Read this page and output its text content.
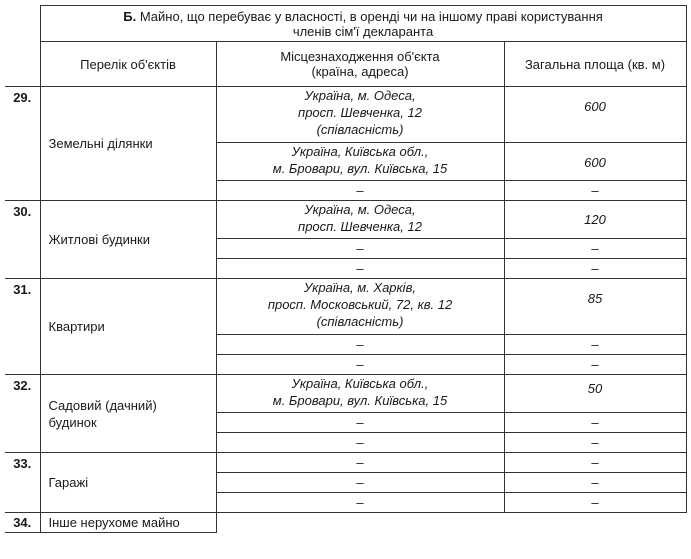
	Б. Майно, що перебуває у власності, в оренді чи на іншому праві користування
членів сім'ї декларанта		
	Перелік об'єктів	Місцезнаходження об'єкта
(країна, адреса)	Загальна площа (кв. м)
29.	Земельні ділянки	Україна, м. Одеса,
просп. Шевченка, 12
(співласність)	600
		Україна, Київська обл.,
м. Бровари, вул. Київська, 15	600
		–	–
30.	Житлові будинки	Україна, м. Одеса,
просп. Шевченка, 12	120
		–	–
		–	–
31.	Квартири	Україна, м. Харків,
просп. Московський, 72, кв. 12
(співласність)	85
		–	–
		–	–
32.	Садовий (дачний)
будинок	Україна, Київська обл.,
м. Бровари, вул. Київська, 15	50
		–	–
		–	–
33.	Гаражі	–	–
		–	–
		–	–
34.	Інше нерухоме майно		
